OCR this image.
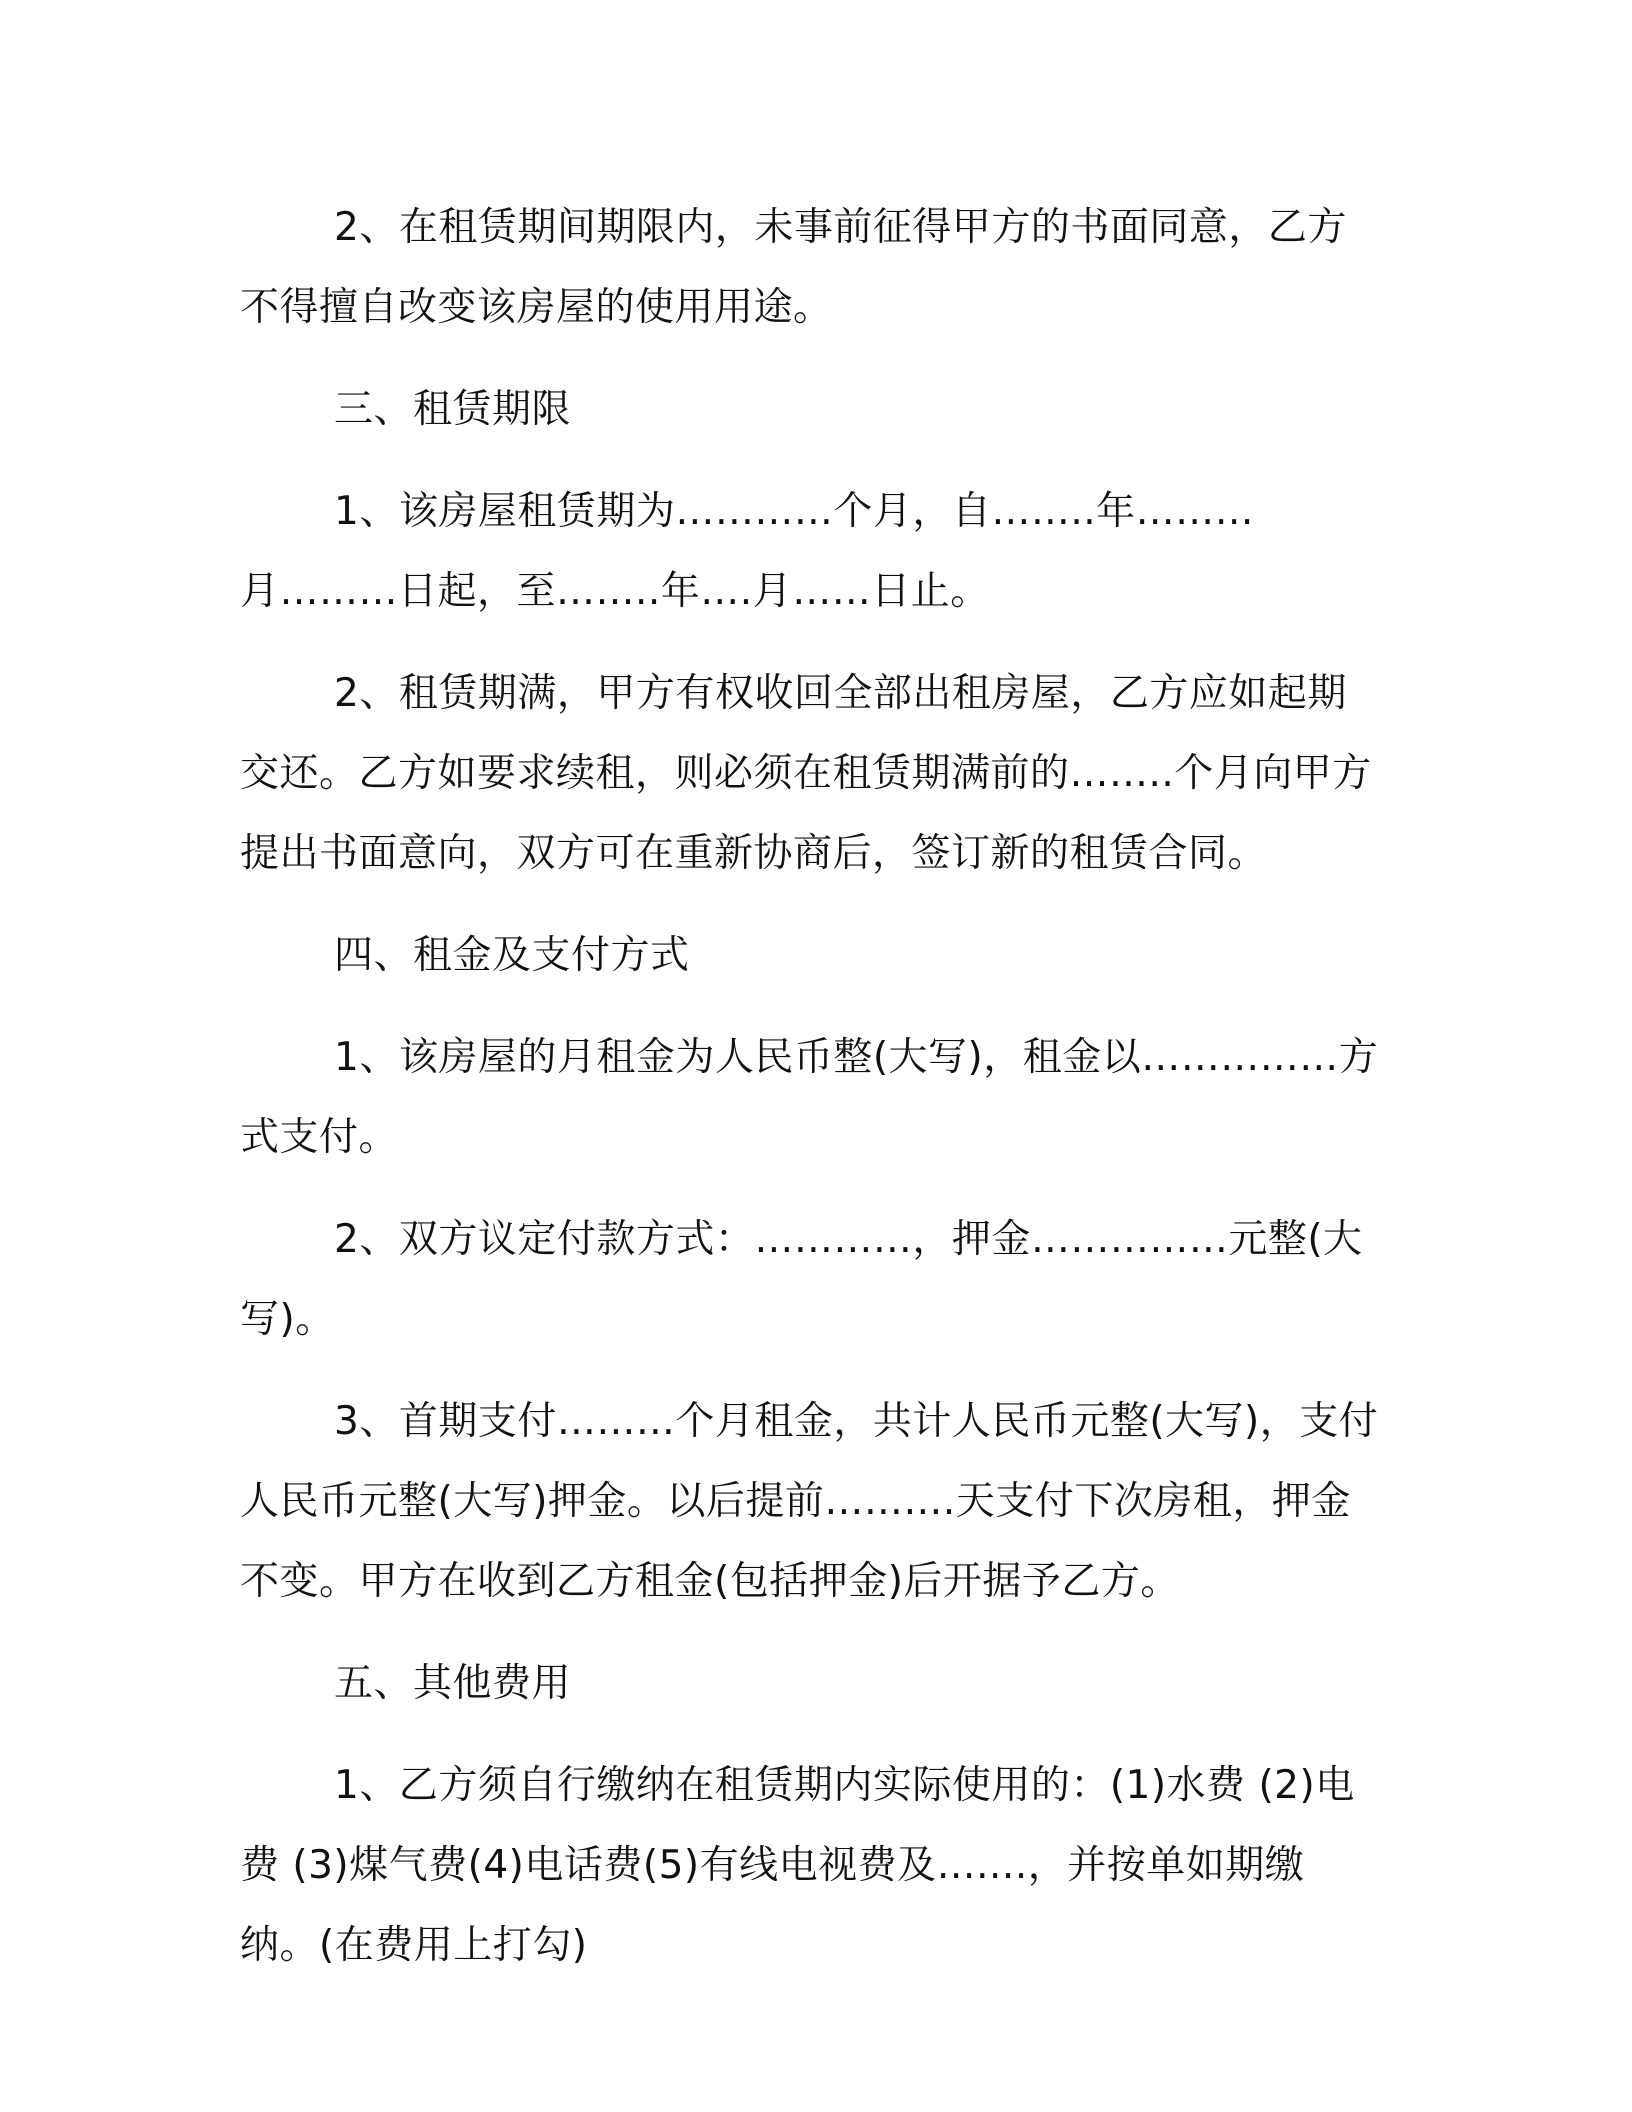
2、在租赁期间期限内，未事前征得甲方的书面同意，乙方不得擅自改变该房屋的使用用途。

三、租赁期限

1、该房屋租赁期为…………个月，自……..年………月………日起，至……..年….月……日止。

2、租赁期满，甲方有权收回全部出租房屋，乙方应如起期交还。乙方如要求续租，则必须在租赁期满前的……..个月向甲方提出书面意向，双方可在重新协商后，签订新的租赁合同。

四、租金及支付方式

1、该房屋的月租金为人民币整(大写)，租金以……………方式支付。

2、双方议定付款方式：…………，押金……………元整(大写)。

3、首期支付………个月租金，共计人民币元整(大写)，支付人民币元整(大写)押金。以后提前……….天支付下次房租，押金不变。甲方在收到乙方租金(包括押金)后开据予乙方。

五、其他费用

1、乙方须自行缴纳在租赁期内实际使用的：(1)水费 (2)电费 (3)煤气费(4)电话费(5)有线电视费及…....，并按单如期缴纳。(在费用上打勾)
